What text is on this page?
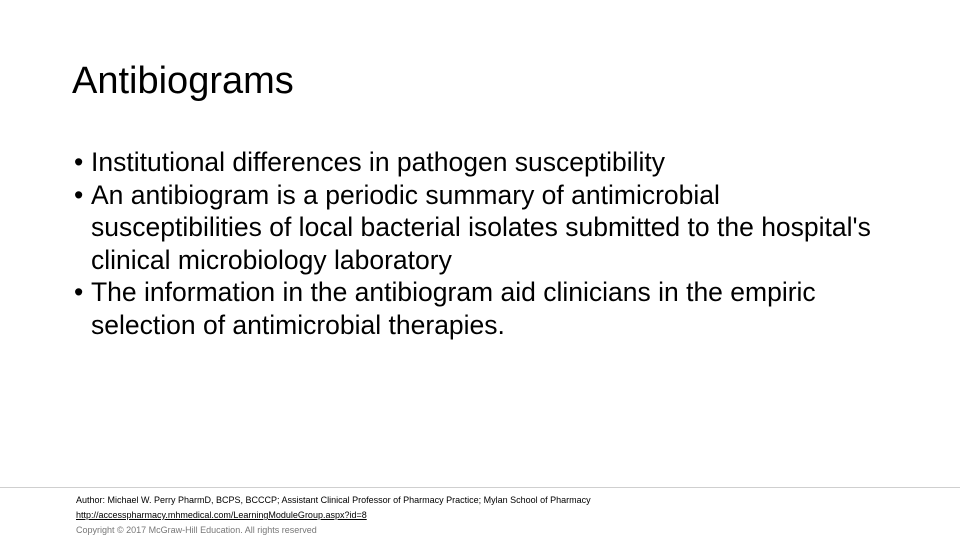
Antibiograms
• Institutional differences in pathogen susceptibility
• An antibiogram is a periodic summary of antimicrobial susceptibilities of local bacterial isolates submitted to the hospital's clinical microbiology laboratory
• The information in the antibiogram aid clinicians in the empiric selection of antimicrobial therapies.
Author: Michael W. Perry PharmD, BCPS, BCCCP; Assistant Clinical Professor of Pharmacy Practice; Mylan School of Pharmacy
http://accesspharmacy.mhmedical.com/LearningModuleGroup.aspx?id=8
Copyright © 2017 McGraw-Hill Education. All rights reserved
